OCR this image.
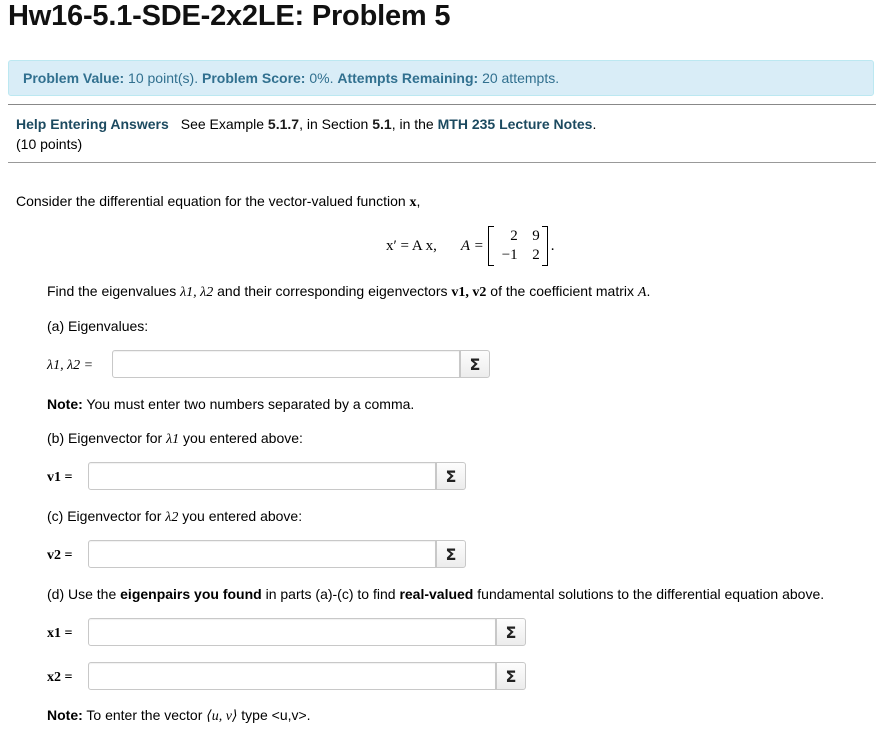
Hw16-5.1-SDE-2x2LE: Problem 5
Problem Value:
10 point(s).
Problem Score:
0%.
Attempts Remaining:
20 attempts.
Help Entering Answers See Example 5.1.7, in Section 5.1, in the MTH 235 Lecture Notes.
(10 points)
Consider the differential equation for the vector-valued function x,
x′ = A x, A =
2 9
−1 2
.
Find the eigenvalues λ1, λ2 and their corresponding eigenvectors v1, v2 of the coefficient matrix A.
(a) Eigenvalues:
λ1, λ2 =	Σ
Note: You must enter two numbers separated by a comma.
(b) Eigenvector for λ1 you entered above:
v1 =	Σ
(c) Eigenvector for λ2 you entered above:
v2 =	Σ
(d) Use the eigenpairs you found in parts (a)-(c) to find real-valued fundamental solutions to the differential equation above.
x1 =	Σ
x2 =	Σ
Note: To enter the vector ⟨u, v⟩ type <u,v>.
